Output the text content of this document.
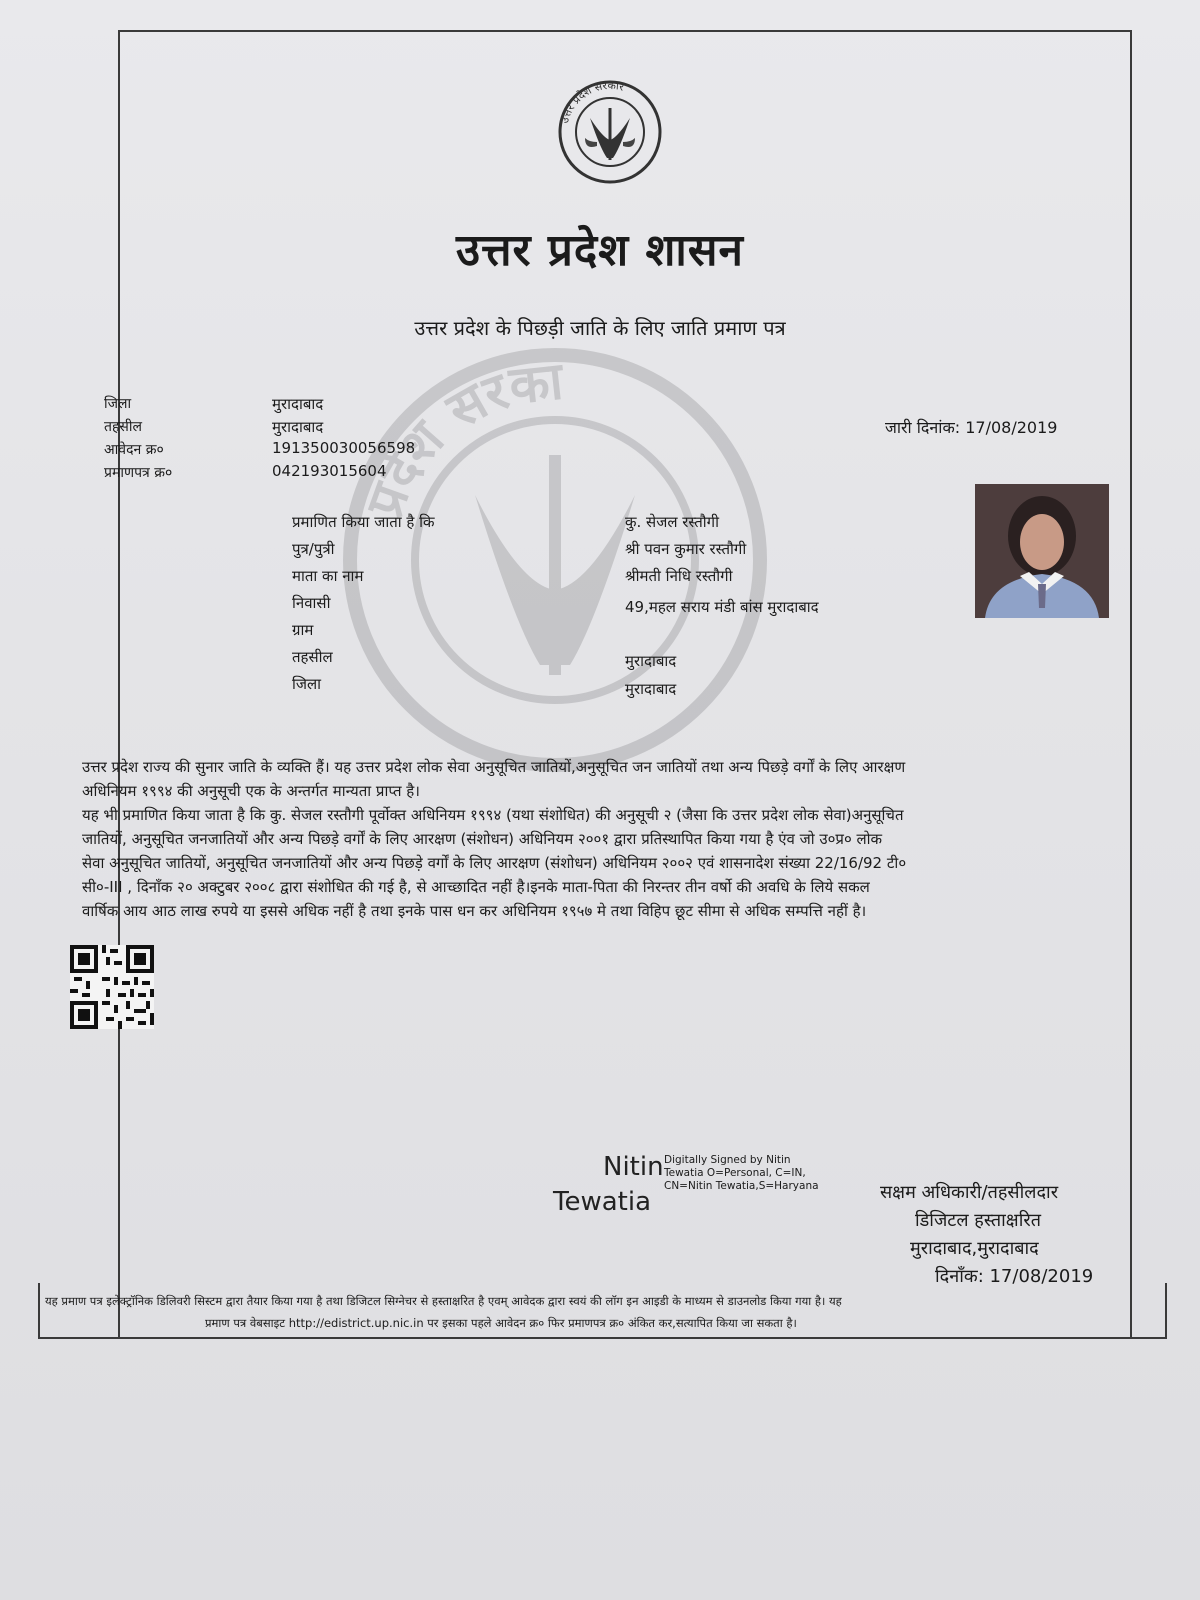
उत्तर प्रदेश सरकार
प्रदेश सरका
उत्तर प्रदेश शासन
उत्तर प्रदेश के पिछड़ी जाति के लिए जाति प्रमाण पत्र
जिला	मुरादाबाद
तहसील	मुरादाबाद
आवेदन क्र०	191350030056598
प्रमाणपत्र क्र०	042193015604
जारी दिनांक: 17/08/2019
प्रमाणित किया जाता है कि	कु. सेजल रस्तौगी
पुत्र/पुत्री	श्री पवन कुमार रस्तौगी
माता का नाम	श्रीमती निधि रस्तौगी
निवासी	49,महल सराय मंडी बांस मुरादाबाद
ग्राम
तहसील	मुरादाबाद
जिला	मुरादाबाद
उत्तर प्रदेश राज्य की सुनार जाति के व्यक्ति हैं। यह उत्तर प्रदेश लोक सेवा अनुसूचित जातियों,अनुसूचित जन जातियों तथा अन्य पिछड़े वर्गों के लिए आरक्षण
अधिनियम १९९४ की अनुसूची एक के अन्तर्गत मान्यता प्राप्त है।
यह भी प्रमाणित किया जाता है कि कु. सेजल रस्तौगी पूर्वोक्त अधिनियम १९९४ (यथा संशोधित) की अनुसूची २ (जैसा कि उत्तर प्रदेश लोक सेवा)अनुसूचित
जातियों, अनुसूचित जनजातियों और अन्य पिछड़े वर्गों के लिए आरक्षण (संशोधन) अधिनियम २००१ द्वारा प्रतिस्थापित किया गया है एंव जो उ०प्र० लोक
सेवा अनुसूचित जातियों, अनुसूचित जनजातियों और अन्य पिछड़े वर्गों के लिए आरक्षण (संशोधन) अधिनियम २००२ एवं शासनादेश संख्या 22/16/92 टी०
सी०-III , दिनाँक २० अक्टुबर २००८ द्वारा संशोधित की गई है, से आच्छादित नहीं है।इनके माता-पिता की निरन्तर तीन वर्षो की अवधि के लिये सकल
वार्षिक आय आठ लाख रुपये या इससे अधिक नहीं है तथा इनके पास धन कर अधिनियम १९५७ मे तथा विहिप छूट सीमा से अधिक सम्पत्ति नहीं है।
Nitin
Tewatia
Digitally Signed by Nitin
Tewatia O=Personal, C=IN,
CN=Nitin Tewatia,S=Haryana	सक्षम अधिकारी/तहसीलदार
डिजिटल हस्ताक्षरित
मुरादाबाद,मुरादाबाद
दिनाँक: 17/08/2019
यह प्रमाण पत्र इलेक्ट्रॉनिक डिलिवरी सिस्टम द्वारा तैयार किया गया है तथा डिजिटल सिग्नेचर से हस्ताक्षरित है एवम् आवेदक द्वारा स्वयं की लॉग इन आइडी के माध्यम से डाउनलोड किया गया है। यह
प्रमाण पत्र वेबसाइट http://edistrict.up.nic.in पर इसका पहले आवेदन क्र० फिर प्रमाणपत्र क्र० अंकित कर,सत्यापित किया जा सकता है।
